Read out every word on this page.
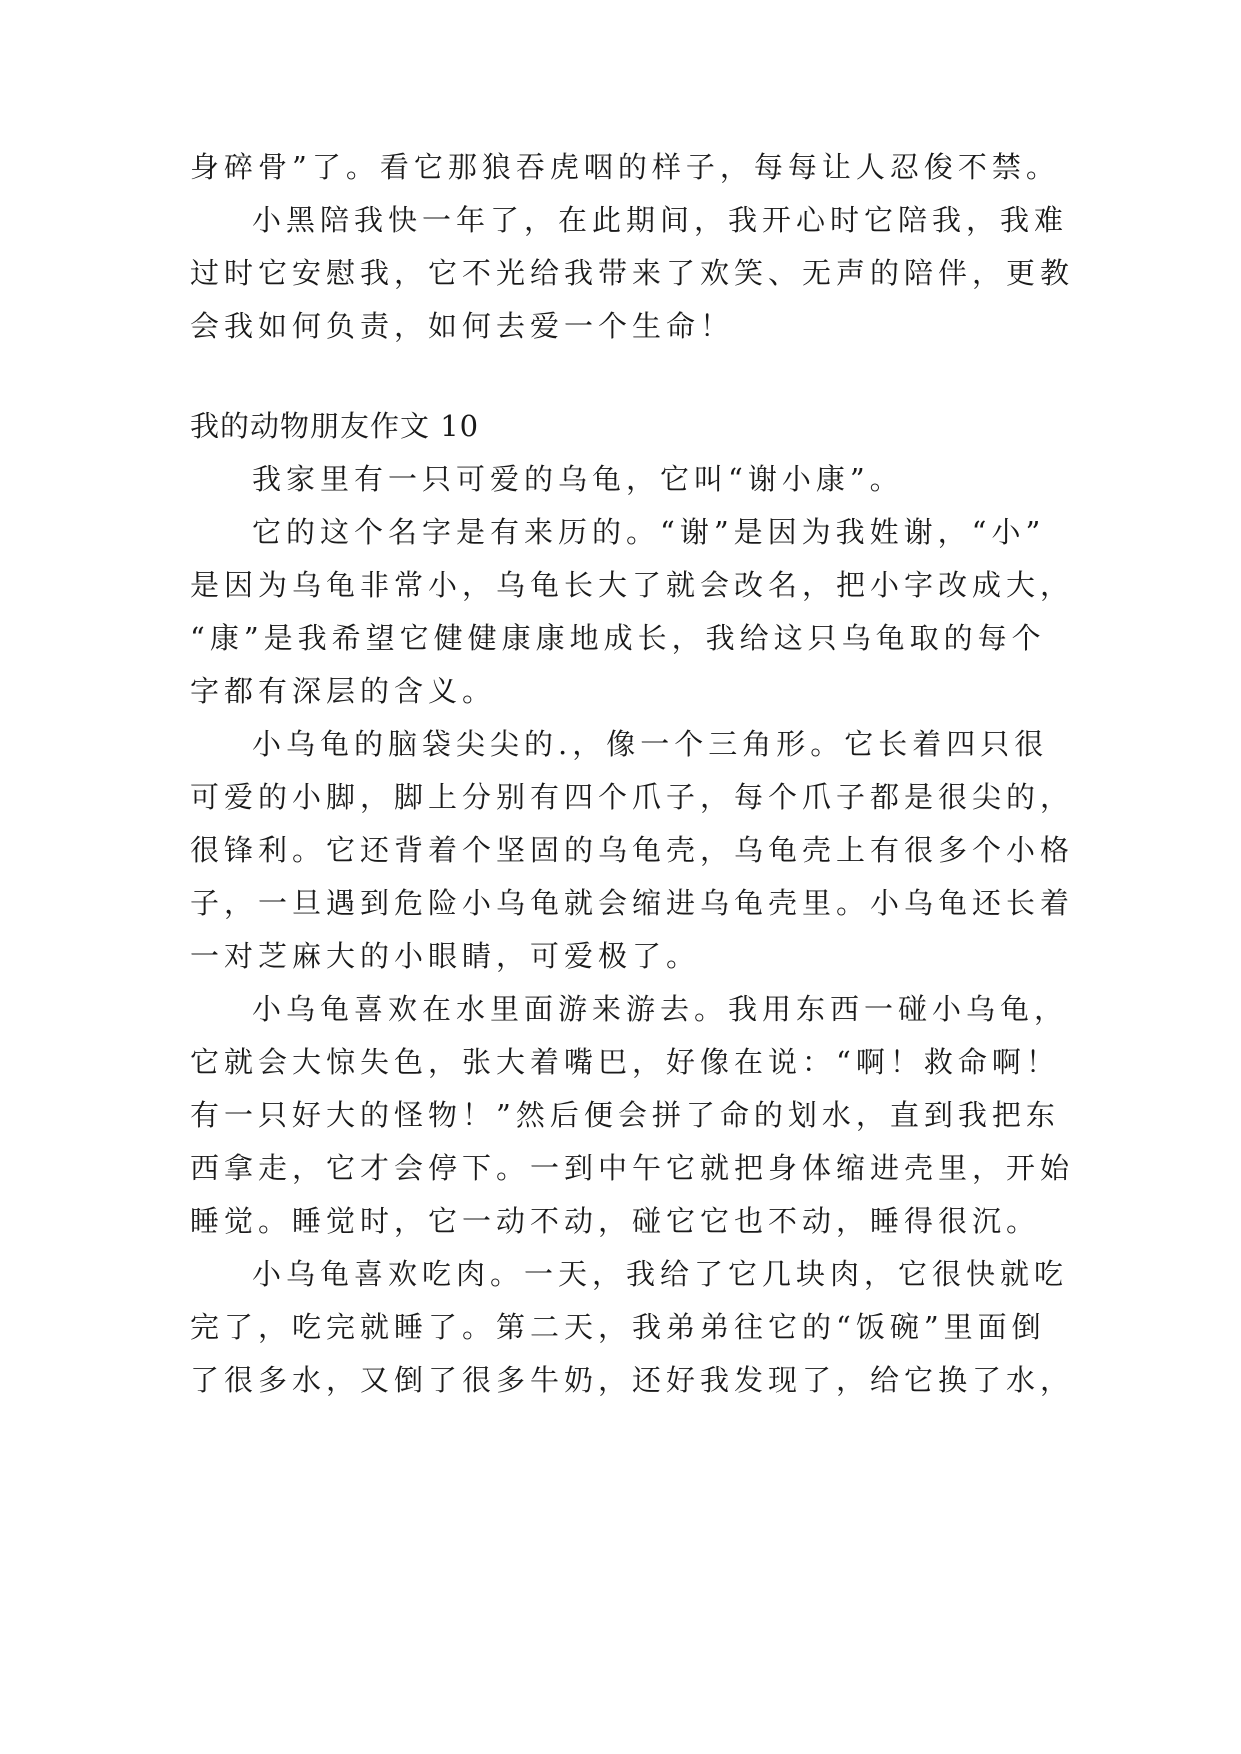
身碎骨”了。看它那狼吞虎咽的样子，每每让人忍俊不禁。
小黑陪我快一年了，在此期间，我开心时它陪我，我难
过时它安慰我，它不光给我带来了欢笑、无声的陪伴，更教
会我如何负责，如何去爱一个生命！
我的动物朋友作文 10
我家里有一只可爱的乌龟，它叫“谢小康”。
它的这个名字是有来历的。“谢”是因为我姓谢，“小”
是因为乌龟非常小，乌龟长大了就会改名，把小字改成大，
“康”是我希望它健健康康地成长，我给这只乌龟取的每个
字都有深层的含义。
小乌龟的脑袋尖尖的.，像一个三角形。它长着四只很
可爱的小脚，脚上分别有四个爪子，每个爪子都是很尖的，
很锋利。它还背着个坚固的乌龟壳，乌龟壳上有很多个小格
子，一旦遇到危险小乌龟就会缩进乌龟壳里。小乌龟还长着
一对芝麻大的小眼睛，可爱极了。
小乌龟喜欢在水里面游来游去。我用东西一碰小乌龟，
它就会大惊失色，张大着嘴巴，好像在说：“啊！救命啊！
有一只好大的怪物！”然后便会拼了命的划水，直到我把东
西拿走，它才会停下。一到中午它就把身体缩进壳里，开始
睡觉。睡觉时，它一动不动，碰它它也不动，睡得很沉。
小乌龟喜欢吃肉。一天，我给了它几块肉，它很快就吃
完了，吃完就睡了。第二天，我弟弟往它的“饭碗”里面倒
了很多水，又倒了很多牛奶，还好我发现了，给它换了水，
